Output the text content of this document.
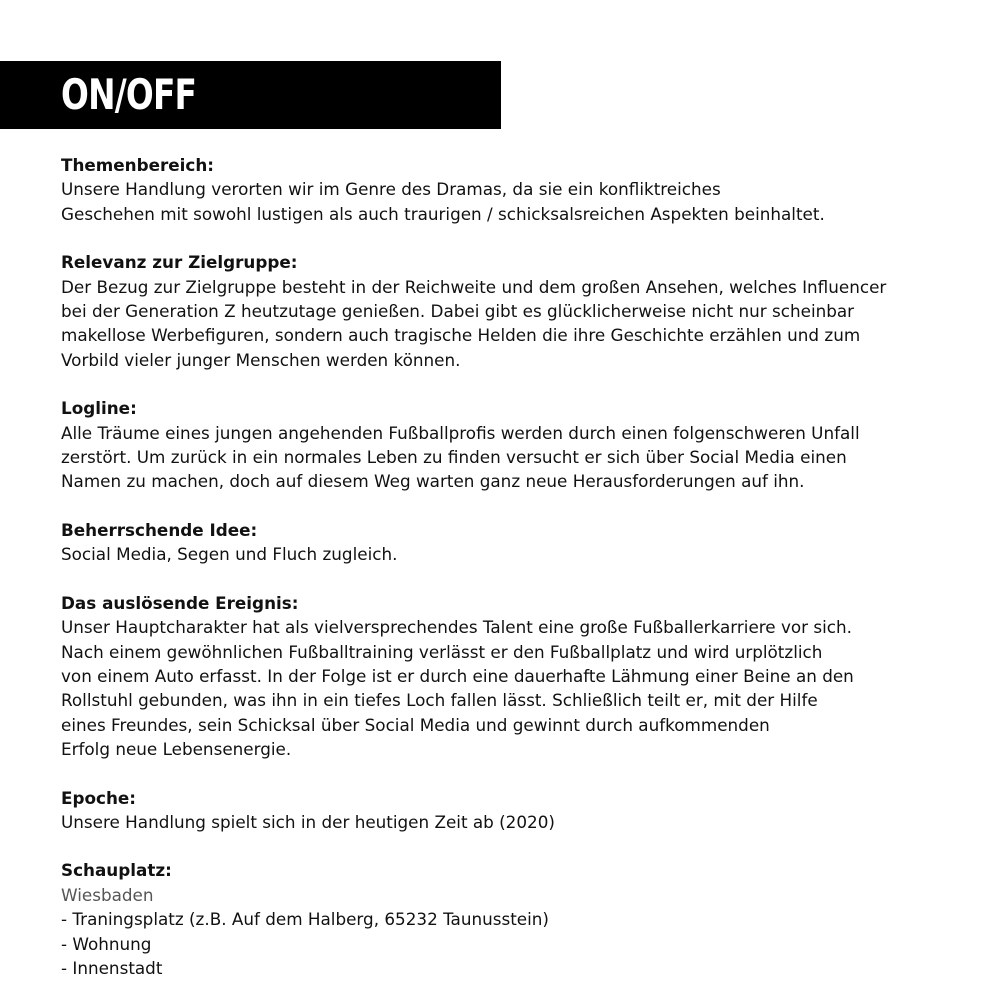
ON/OFF
Themenbereich:
Unsere Handlung verorten wir im Genre des Dramas, da sie ein konfliktreiches
Geschehen mit sowohl lustigen als auch traurigen / schicksalsreichen Aspekten beinhaltet.
Relevanz zur Zielgruppe:
Der Bezug zur Zielgruppe besteht in der Reichweite und dem großen Ansehen, welches Influencer
bei der Generation Z heutzutage genießen. Dabei gibt es glücklicherweise nicht nur scheinbar
makellose Werbefiguren, sondern auch tragische Helden die ihre Geschichte erzählen und zum
Vorbild vieler junger Menschen werden können.
Logline:
Alle Träume eines jungen angehenden Fußballprofis werden durch einen folgenschweren Unfall
zerstört. Um zurück in ein normales Leben zu finden versucht er sich über Social Media einen
Namen zu machen, doch auf diesem Weg warten ganz neue Herausforderungen auf ihn.
Beherrschende Idee:
Social Media, Segen und Fluch zugleich.
Das auslösende Ereignis:
Unser Hauptcharakter hat als vielversprechendes Talent eine große Fußballerkarriere vor sich.
Nach einem gewöhnlichen Fußballtraining verlässt er den Fußballplatz und wird urplötzlich
von einem Auto erfasst. In der Folge ist er durch eine dauerhafte Lähmung einer Beine an den
Rollstuhl gebunden, was ihn in ein tiefes Loch fallen lässt. Schließlich teilt er, mit der Hilfe
eines Freundes, sein Schicksal über Social Media und gewinnt durch aufkommenden
Erfolg neue Lebensenergie.
Epoche:
Unsere Handlung spielt sich in der heutigen Zeit ab (2020)
Schauplatz:
Wiesbaden
- Traningsplatz (z.B. Auf dem Halberg, 65232 Taunusstein)
- Wohnung
- Innenstadt
